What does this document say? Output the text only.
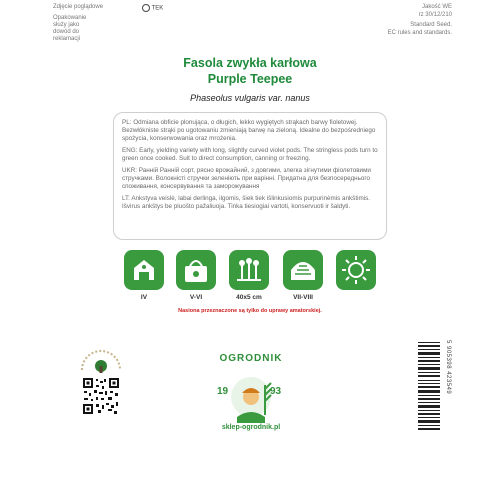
Zdjęcie poglądowe
Opakowanie służy jako dowód do reklamacji
TEK	Jakość WE
rz 30/12/210
Standard Seed.
EC rules and standards.
Fasola zwykła karłowa
Purple Teepee
Phaseolus vulgaris var. nanus

PL: Odmiana obficie plonująca, o długich, lekko wygiętych strąkach barwy fioletowej. Bezwłókniste strąki po ugotowaniu zmieniają barwę na zieloną. Idealne do bezpośredniego spożycia, konserwowania oraz mrożenia.

ENG: Early, yielding variety with long, slightly curved violet pods. The stringless pods turn to green once cooked. Suit to direct consumption, canning or freezing.

UKR: Ранній Ранній сорт, рясно врожайний, з довгими, злегка зігнутими фіолетовими стручками. Волокністі стручки зеленіють при варінні. Придатна для безпосереднього споживання, консервування та заморожування

LT: Ankstyva veislė, labai derlinga, ilgomis, šiek tiek išlinkusiomis purpurinėmis ankštimis. Išvirus ankštys be pluošto pažaliuoja. Tinka tiesiogiai vartoti, konservuoti ir šaldyti.

IV	V-VI	40x5 cm	VII-VIII
Nasiona przeznaczone są tylko do uprawy amatorskiej.
OGRODNIK
19	93
sklep-ogrodnik.pl
5 905398 423549
